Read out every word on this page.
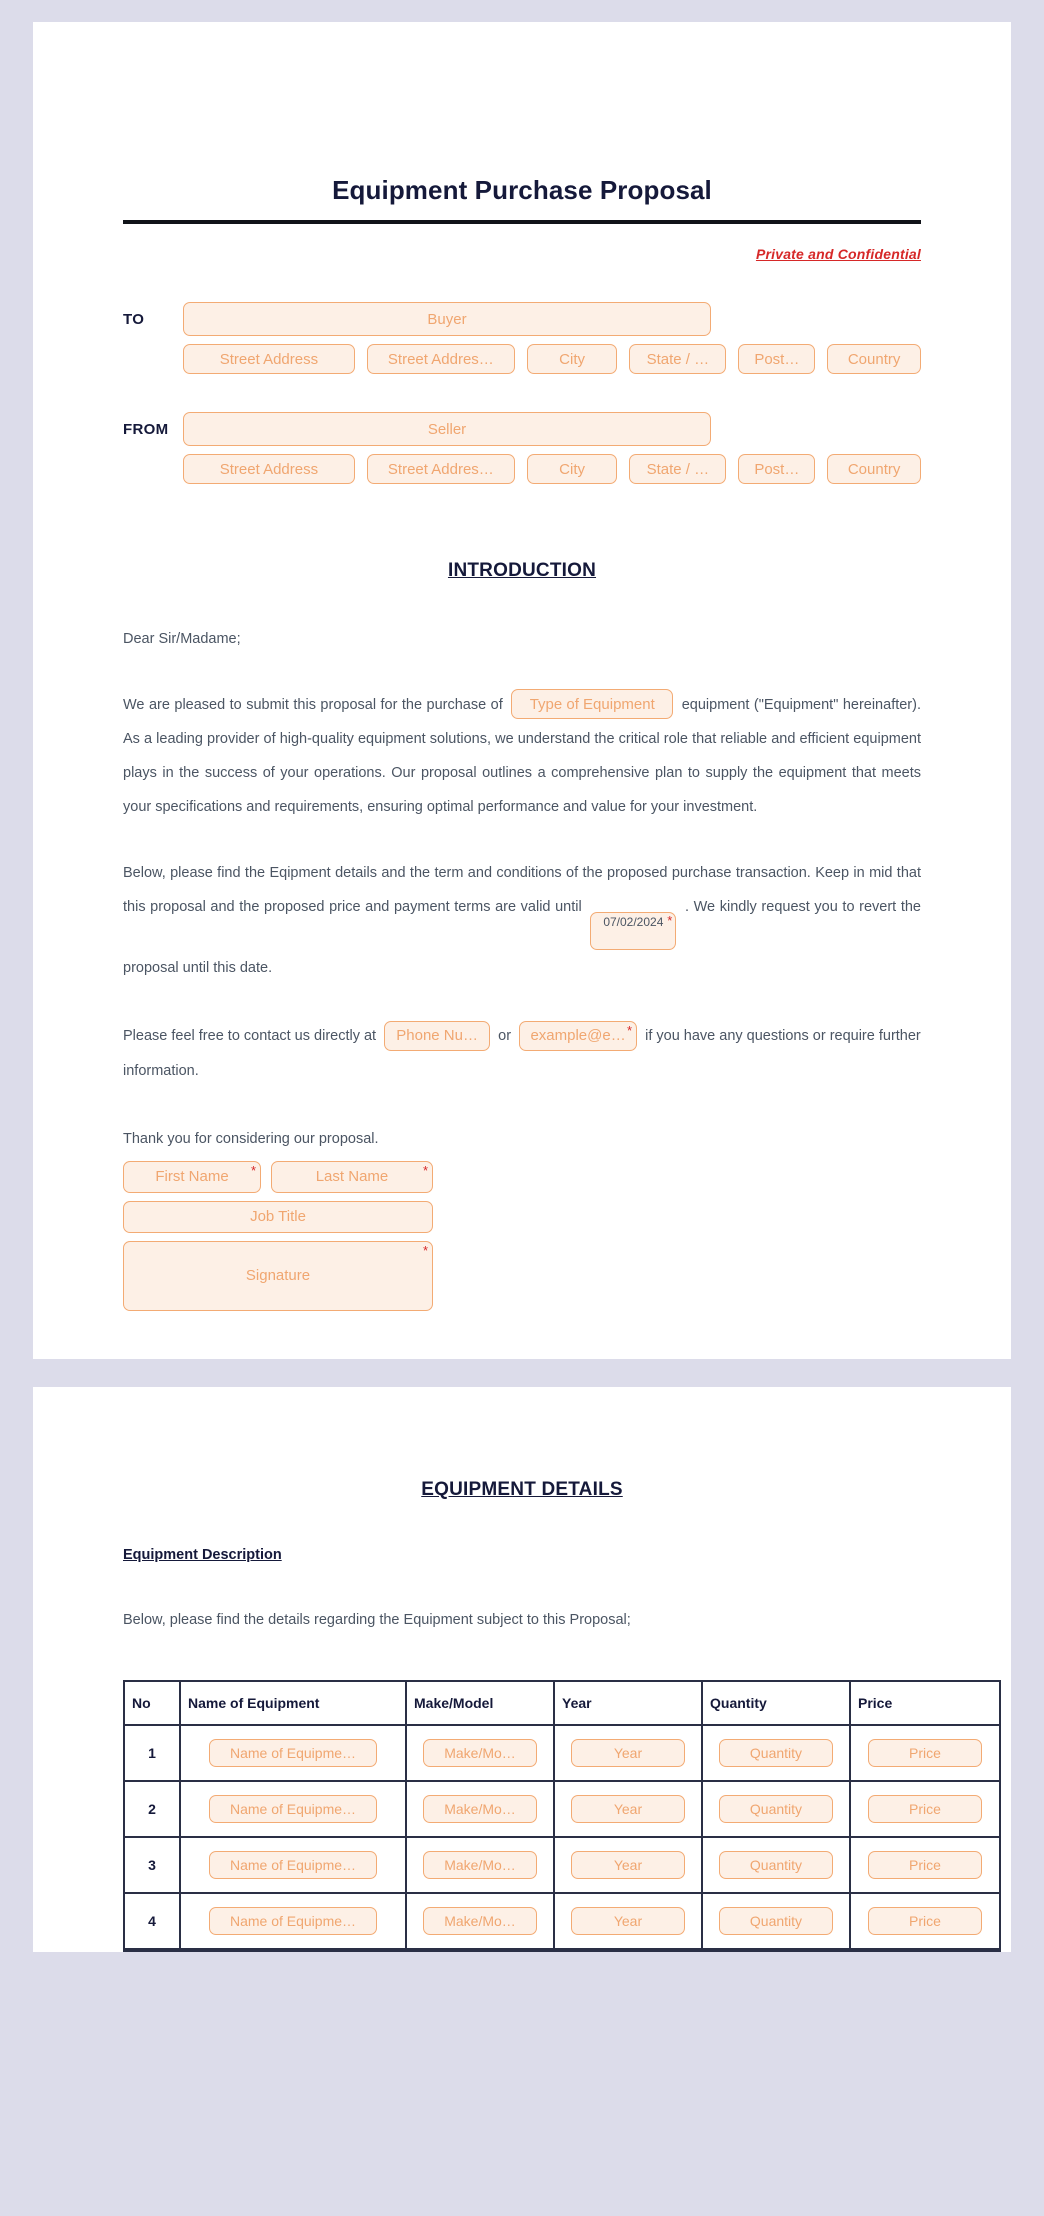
Equipment Purchase Proposal
Private and Confidential
TO	Buyer
Street Address	Street Addres…	City	State / …	Post…	Country
FROM	Seller
Street Address	Street Addres…	City	State / …	Post…	Country
INTRODUCTION

Dear Sir/Madame;

We are pleased to submit this proposal for the purchase of Type of Equipment equipment ("Equipment" hereinafter). As a leading provider of high-quality equipment solutions, we understand the critical role that reliable and efficient equipment plays in the success of your operations. Our proposal outlines a comprehensive plan to supply the equipment that meets your specifications and requirements, ensuring optimal performance and value for your investment.

Below, please find the Eqipment details and the term and conditions of the proposed purchase transaction. Keep in mid that this proposal and the proposed price and payment terms are valid until
07/02/2024 *
. We kindly request you to revert the proposal until this date.

Please feel free to contact us directly at Phone Nu… or example@e… * if you have any questions or require further information.

Thank you for considering our proposal.

First Name *	Last Name	*
Job Title
Signature
*
EQUIPMENT DETAILS
Equipment Description

Below, please find the details regarding the Equipment subject to this Proposal;

No	Name of Equipment	Make/Model	Year	Quantity	Price
1	Name of Equipme…	Make/Mo…	Year	Quantity	Price
2	Name of Equipme…	Make/Mo…	Year	Quantity	Price
3	Name of Equipme…	Make/Mo…	Year	Quantity	Price
4	Name of Equipme…	Make/Mo…	Year	Quantity	Price
